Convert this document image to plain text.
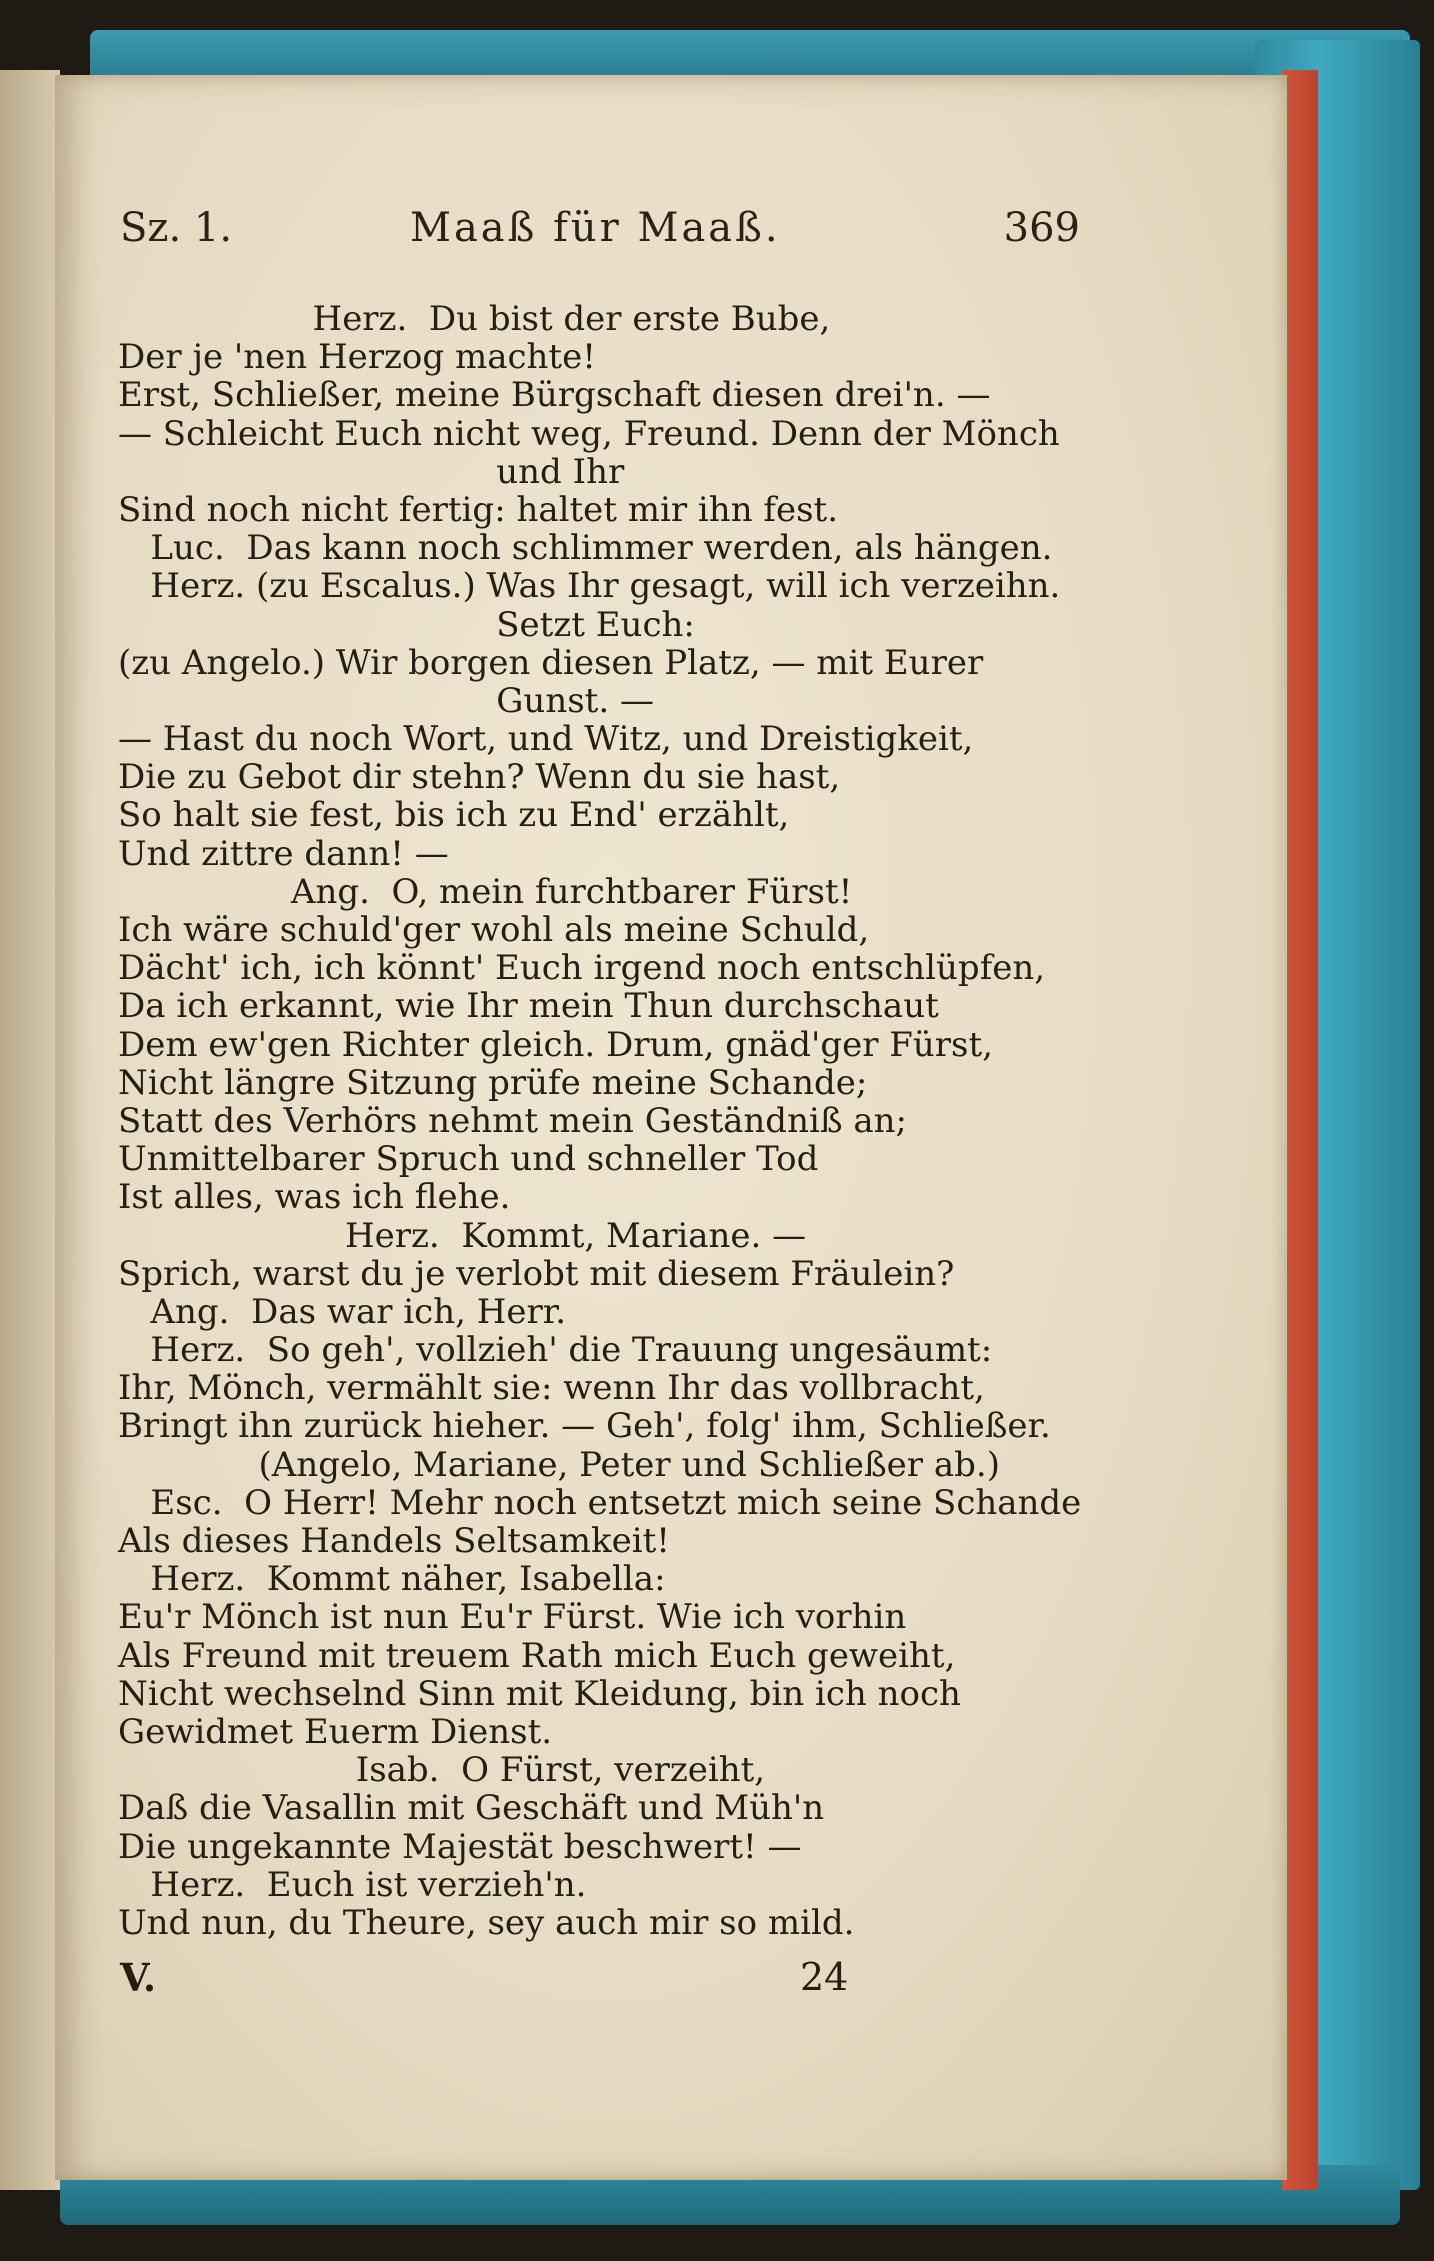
Sz. 1.	Maaß für Maaß.	369
Herz.  Du bist der erste Bube,
Der je 'nen Herzog machte!
Erst, Schließer, meine Bürgschaft diesen drei'n. —
— Schleicht Euch nicht weg, Freund. Denn der Mönch
und Ihr
Sind noch nicht fertig: haltet mir ihn fest.
Luc.  Das kann noch schlimmer werden, als hängen.
Herz. (zu Escalus.) Was Ihr gesagt, will ich verzeihn.
Setzt Euch:
(zu Angelo.) Wir borgen diesen Platz, — mit Eurer
Gunst. —
— Hast du noch Wort, und Witz, und Dreistigkeit,
Die zu Gebot dir stehn? Wenn du sie hast,
So halt sie fest, bis ich zu End' erzählt,
Und zittre dann! —
Ang.  O, mein furchtbarer Fürst!
Ich wäre schuld'ger wohl als meine Schuld,
Dächt' ich, ich könnt' Euch irgend noch entschlüpfen,
Da ich erkannt, wie Ihr mein Thun durchschaut
Dem ew'gen Richter gleich. Drum, gnäd'ger Fürst,
Nicht längre Sitzung prüfe meine Schande;
Statt des Verhörs nehmt mein Geständniß an;
Unmittelbarer Spruch und schneller Tod
Ist alles, was ich flehe.
Herz.  Kommt, Mariane. —
Sprich, warst du je verlobt mit diesem Fräulein?
Ang.  Das war ich, Herr.
Herz.  So geh', vollzieh' die Trauung ungesäumt:
Ihr, Mönch, vermählt sie: wenn Ihr das vollbracht,
Bringt ihn zurück hieher. — Geh', folg' ihm, Schließer.
(Angelo, Mariane, Peter und Schließer ab.)
Esc.  O Herr! Mehr noch entsetzt mich seine Schande
Als dieses Handels Seltsamkeit!
Herz.  Kommt näher, Isabella:
Eu'r Mönch ist nun Eu'r Fürst. Wie ich vorhin
Als Freund mit treuem Rath mich Euch geweiht,
Nicht wechselnd Sinn mit Kleidung, bin ich noch
Gewidmet Euerm Dienst.
Isab.  O Fürst, verzeiht,
Daß die Vasallin mit Geschäft und Müh'n
Die ungekannte Majestät beschwert! —
Herz.  Euch ist verzieh'n.
Und nun, du Theure, sey auch mir so mild.
V.	24
